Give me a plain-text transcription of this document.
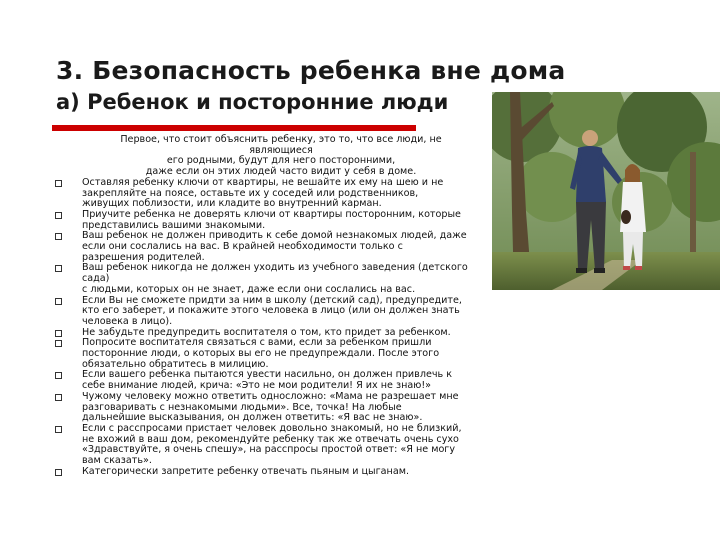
3. Безопасность ребенка вне дома
а) Ребенок и посторонние люди

Первое, что стоит объяснить ребенку, это то, что все люди, не
являющиеся
его родными, будут для него посторонними,
даже если он этих людей часто видит у себя в доме.

Оставляя ребенку ключи от квартиры, не вешайте их ему на шею и не
закрепляйте на поясе, оставьте их у соседей или родственников,
живущих поблизости, или кладите во внутренний карман.
Приучите ребенка не доверять ключи от квартиры посторонним, которые
представились вашими знакомыми.
Ваш ребенок не должен приводить к себе домой незнакомых людей, даже
если они сослались на вас. В крайней необходимости только с
разрешения родителей.
Ваш ребенок никогда не должен уходить из учебного заведения (детского
сада)
с людьми, которых он не знает, даже если они сослались на вас.
Если Вы не сможете придти за ним в школу (детский сад), предупредите,
кто его заберет, и покажите этого человека в лицо (или он должен знать
человека в лицо).
Не забудьте предупредить воспитателя о том, кто придет за ребенком.
Попросите воспитателя связаться с вами, если за ребенком пришли
посторонние люди, о которых вы его не предупреждали. После этого
обязательно обратитесь в милицию.
Если вашего ребенка пытаются увести насильно, он должен привлечь к
себе внимание людей, крича: «Это не мои родители! Я их не знаю!»
Чужому человеку можно ответить односложно: «Мама не разрешает мне
разговаривать с незнакомыми людьми». Все, точка! На любые
дальнейшие высказывания, он должен ответить: «Я вас не знаю».
Если с расспросами пристает человек довольно знакомый, но не близкий,
не вхожий в ваш дом, рекомендуйте ребенку так же отвечать очень сухо
«Здравствуйте, я очень спешу», на расспросы простой ответ: «Я не могу
вам сказать».
Категорически запретите ребенку отвечать пьяным и цыганам.
